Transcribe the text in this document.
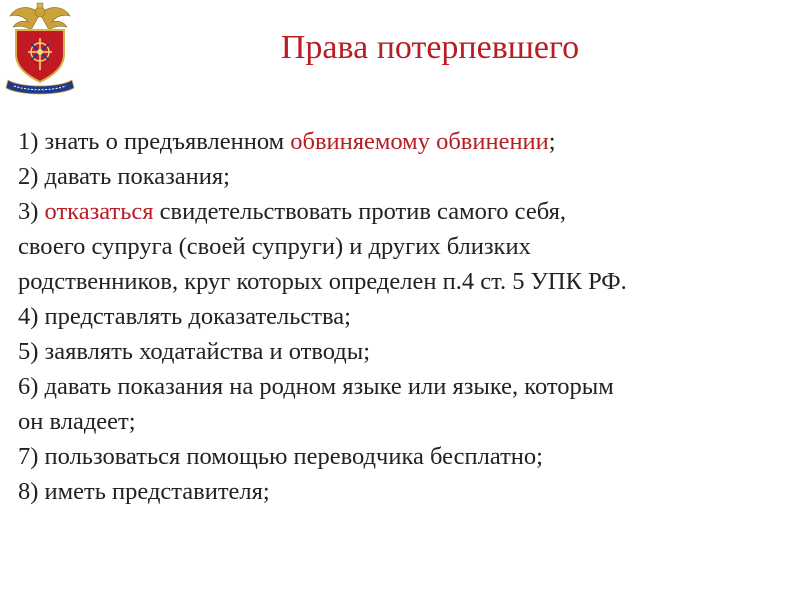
Права потерпевшего
1) знать о предъявленном обвиняемому обвинении;
2) давать показания;
3) отказаться свидетельствовать против самого себя,
своего супруга (своей супруги) и других близких
родственников, круг которых определен п.4 ст. 5 УПК РФ.
4) представлять доказательства;
5) заявлять ходатайства и отводы;
6) давать показания на родном языке или языке, которым
он владеет;
7) пользоваться помощью переводчика бесплатно;
8) иметь представителя;
